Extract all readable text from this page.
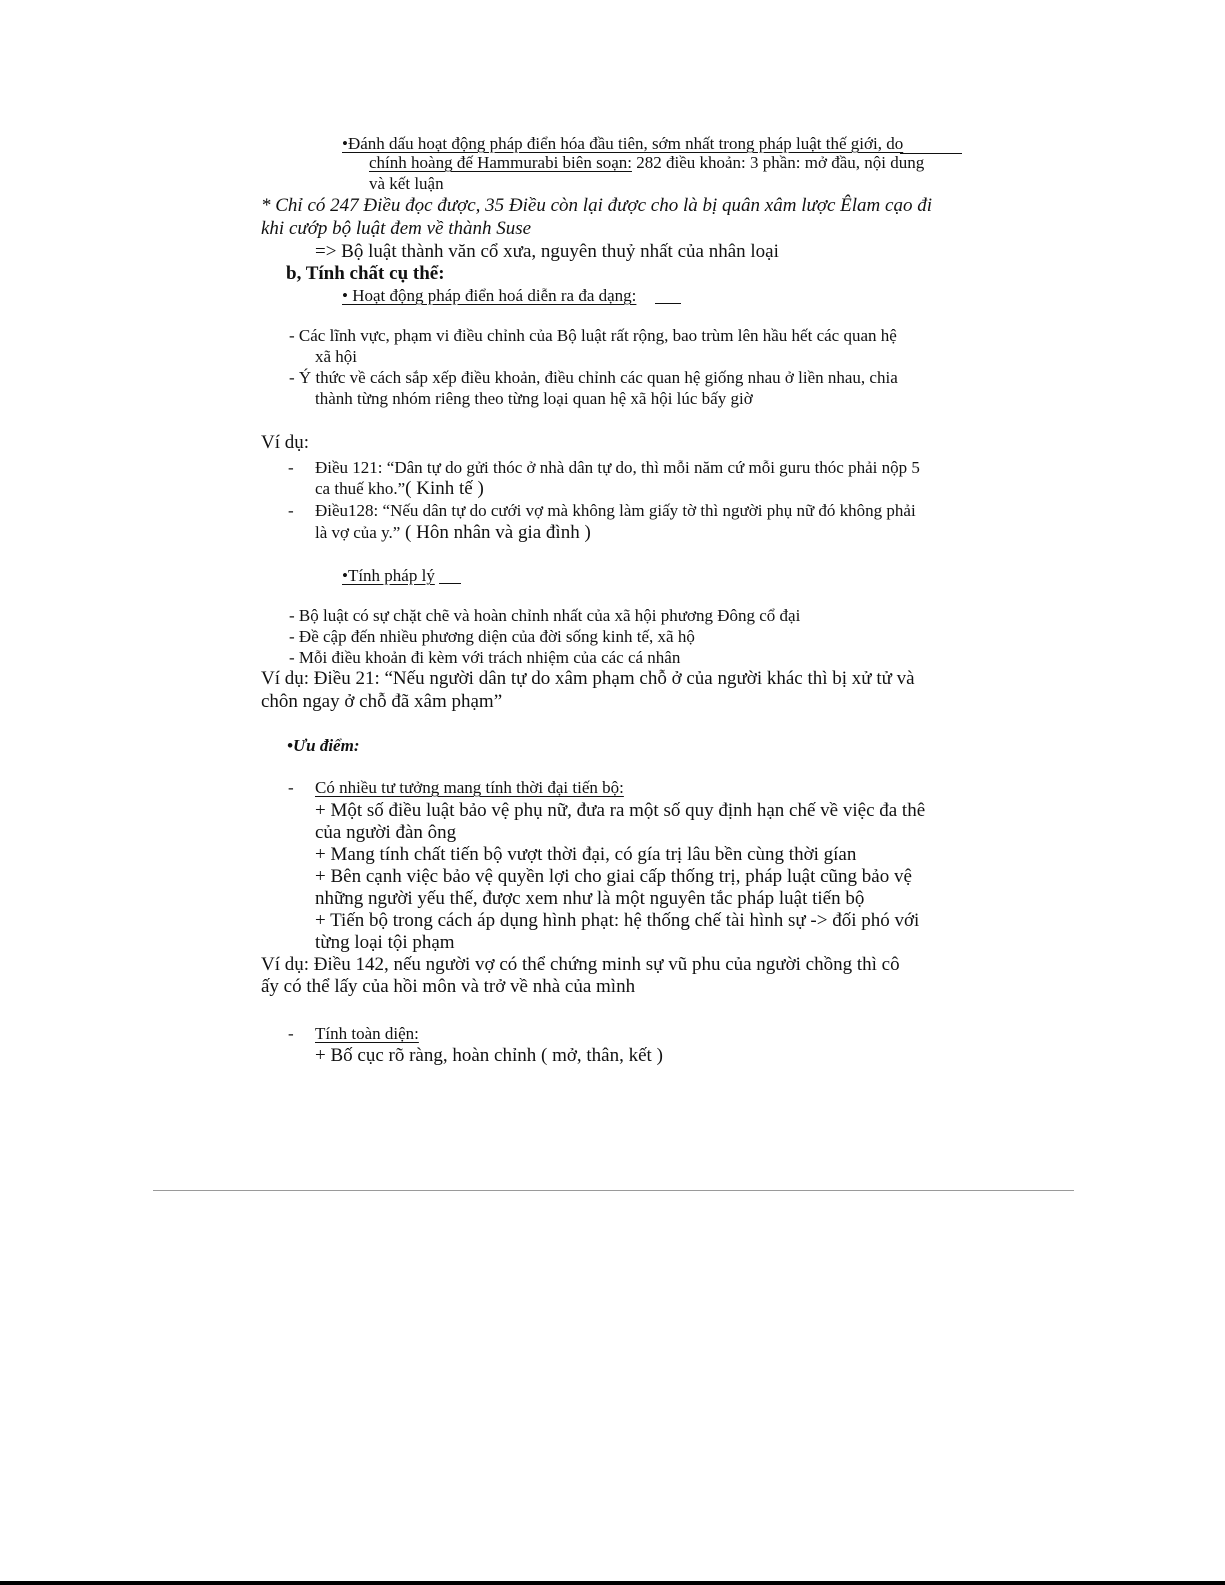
•Đánh dấu hoạt động pháp điển hóa đầu tiên, sớm nhất trong pháp luật thế giới, do
chính hoàng đế Hammurabi biên soạn: 282 điều khoản: 3 phần: mở đầu, nội dung
và kết luận
* Chỉ có 247 Điều đọc được, 35 Điều còn lại được cho là bị quân xâm lược Êlam cạo đi
khi cướp bộ luật đem về thành Suse
=> Bộ luật thành văn cổ xưa, nguyên thuỷ nhất của nhân loại
b, Tính chất cụ thể:
• Hoạt động pháp điển hoá diễn ra đa dạng:
- Các lĩnh vực, phạm vi điều chỉnh của Bộ luật rất rộng, bao trùm lên hầu hết các quan hệ
xã hội
- Ý thức về cách sắp xếp điều khoản, điều chỉnh các quan hệ giống nhau ở liền nhau, chia
thành từng nhóm riêng theo từng loại quan hệ xã hội lúc bấy giờ
Ví dụ:
- Điều 121: “Dân tự do gửi thóc ở nhà dân tự do, thì mỗi năm cứ mỗi guru thóc phải nộp 5
ca thuế kho.”( Kinh tế )
- Điều128: “Nếu dân tự do cưới vợ mà không làm giấy tờ thì người phụ nữ đó không phải
là vợ của y.” ( Hôn nhân và gia đình )
•Tính pháp lý
- Bộ luật có sự chặt chẽ và hoàn chỉnh nhất của xã hội phương Đông cổ đại
- Đề cập đến nhiều phương diện của đời sống kinh tế, xã hộ
- Mỗi điều khoản đi kèm với trách nhiệm của các cá nhân
Ví dụ: Điều 21: “Nếu người dân tự do xâm phạm chỗ ở của người khác thì bị xử tử và
chôn ngay ở chỗ đã xâm phạm”
•Ưu điểm:
- Có nhiều tư tưởng mang tính thời đại tiến bộ:
+ Một số điều luật bảo vệ phụ nữ, đưa ra một số quy định hạn chế về việc đa thê
của người đàn ông
+ Mang tính chất tiến bộ vượt thời đại, có gía trị lâu bền cùng thời gían
+ Bên cạnh việc bảo vệ quyền lợi cho giai cấp thống trị, pháp luật cũng bảo vệ
những người yếu thế, được xem như là một nguyên tắc pháp luật tiến bộ
+ Tiến bộ trong cách áp dụng hình phạt: hệ thống chế tài hình sự -> đối phó với
từng loại tội phạm
Ví dụ: Điều 142, nếu người vợ có thể chứng minh sự vũ phu của người chồng thì cô
ấy có thể lấy của hồi môn và trở về nhà của mình
- Tính toàn diện:
+ Bố cục rõ ràng, hoàn chỉnh ( mở, thân, kết )
